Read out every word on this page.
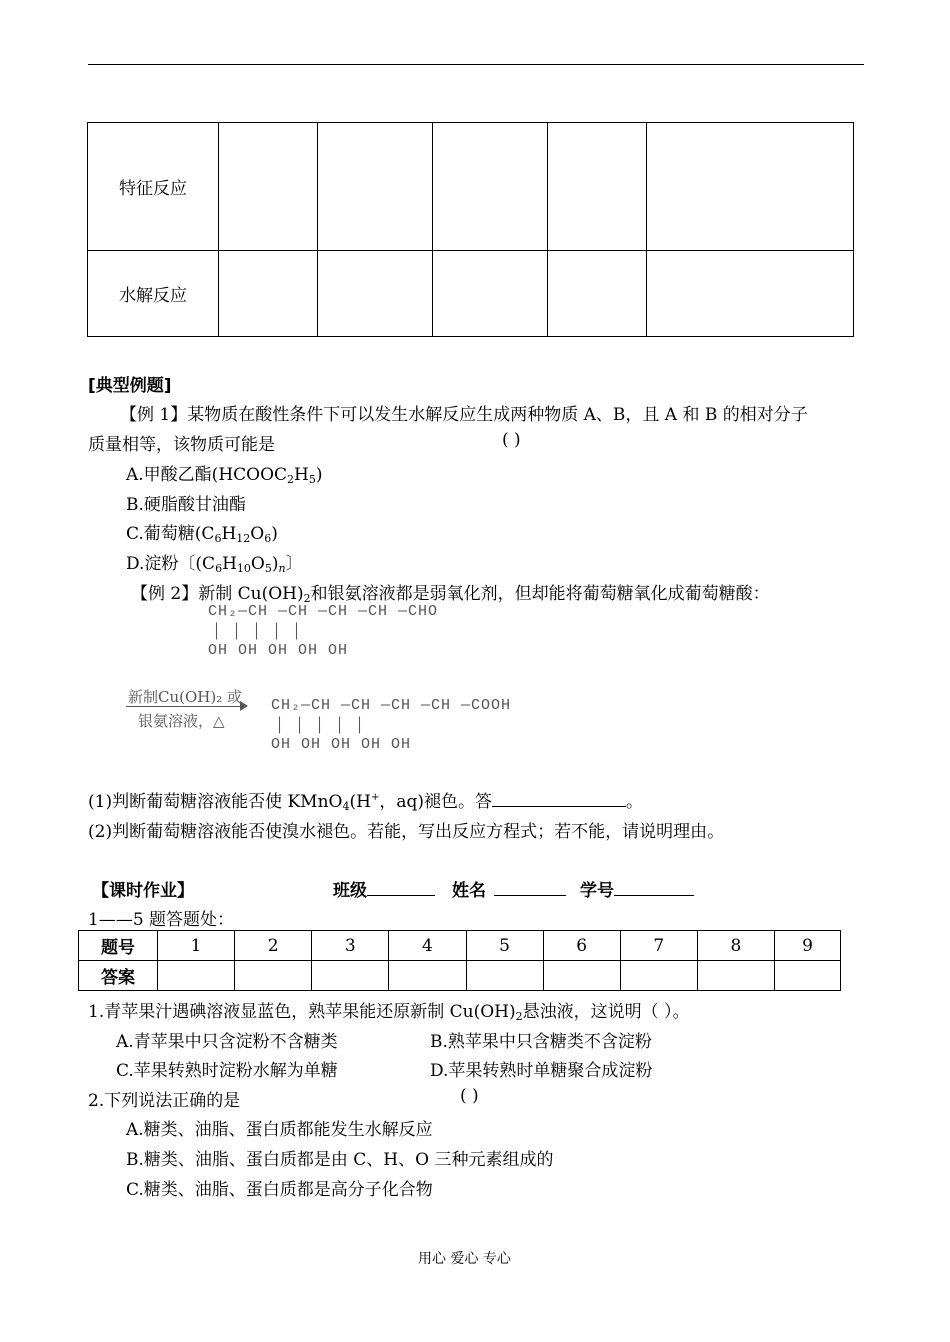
特征反应					
水解反应					
[典型例题]
【例 1】某物质在酸性条件下可以发生水解反应生成两种物质 A、B，且 A 和 B 的相对分子
质量相等，该物质可能是	( )
A.甲酸乙酯$(HCOOC_2H_5)$
B.硬脂酸甘油酯
C.葡萄糖$(C_6H_{12}O_6)$
D.淀粉〔$(C_6H_{10}O_5)_n$〕
【例 2】新制 $Cu(OH)_2$和银氨溶液都是弱氧化剂，但却能将葡萄糖氧化成葡萄糖酸：
CH₂—CH —CH —CH —CH —CHO
│ │ │ │ │
OH OH OH OH OH
新制Cu(OH)₂ 或
银氨溶液，△
CH₂—CH —CH —CH —CH —COOH
│ │ │ │ │
OH OH OH OH OH
(1)判断葡萄糖溶液能否使 KMnO$_4$(H+，aq)褪色。答	。
(2)判断葡萄糖溶液能否使溴水褪色。若能，写出反应方程式；若不能，请说明理由。
【课时作业】	班级	姓名	学号
1——5 题答题处：
题号	1	2	3	4	5	6	7	8	9
答案									
1.青苹果汁遇碘溶液显蓝色，熟苹果能还原新制 $Cu(OH)_2$悬浊液，这说明（ ）。
A.青苹果中只含淀粉不含糖类	B.熟苹果中只含糖类不含淀粉
C.苹果转熟时淀粉水解为单糖	D.苹果转熟时单糖聚合成淀粉
2.下列说法正确的是	( )
A.糖类、油脂、蛋白质都能发生水解反应
B.糖类、油脂、蛋白质都是由 C、H、O 三种元素组成的
C.糖类、油脂、蛋白质都是高分子化合物
用心 爱心 专心
